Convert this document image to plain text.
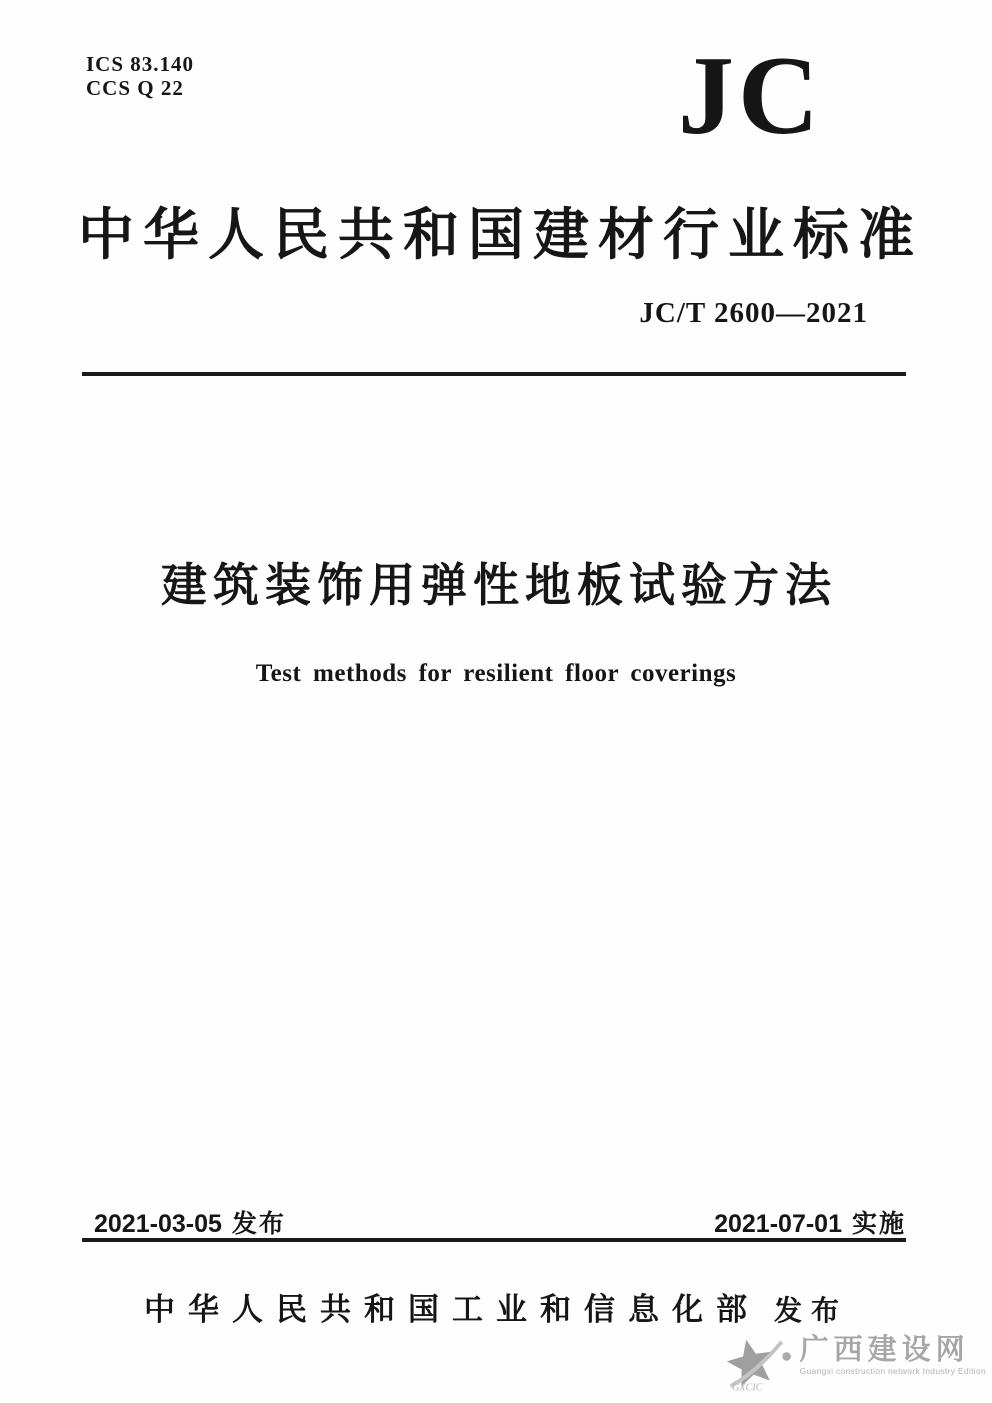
ICS 83.140
CCS Q 22	JC
中华人民共和国建材行业标准
JC/T 2600—2021
建筑装饰用弹性地板试验方法
Test methods for resilient floor coverings
2021-03-05 发布	2021-07-01 实施
中华人民共和国工业和信息化部 发布
GXCIC
广西建设网
Guangxi construction network Industry Edition
